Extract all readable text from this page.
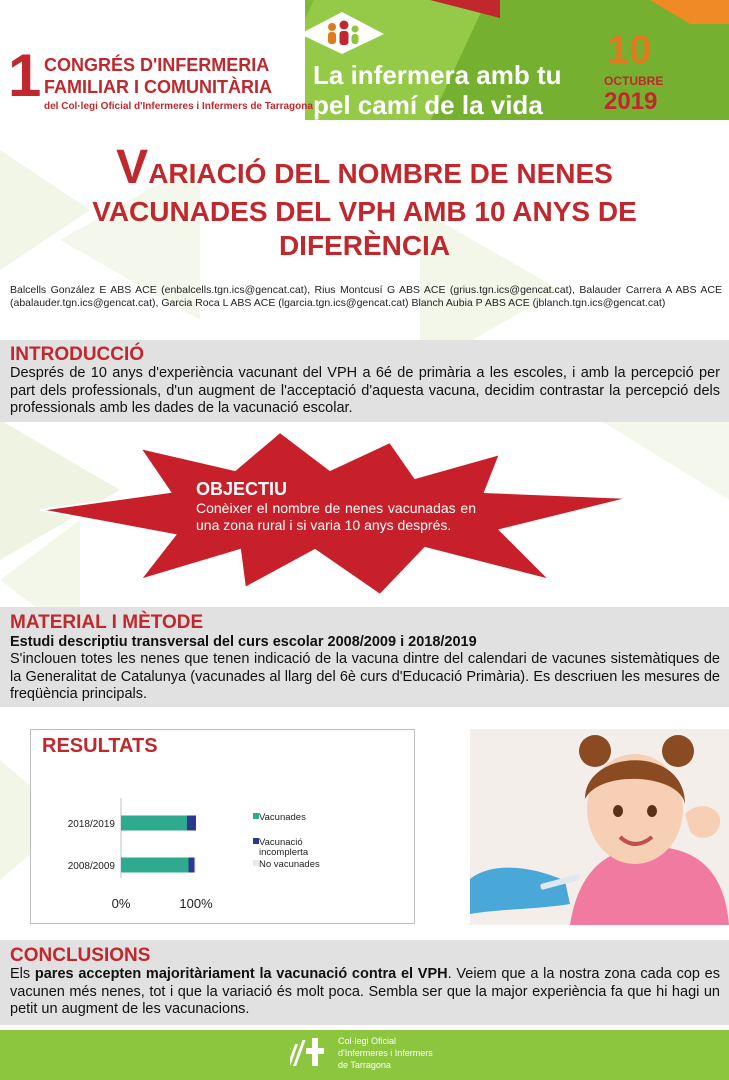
1 CONGRÉS D'INFERMERIA
FAMILIAR I COMUNITÀRIA
del Col·legi Oficial d'Infermeres i Infermers de Tarragona
La infermera amb tu
pel camí de la vida
10
OCTUBRE
2019
VARIACIÓ DEL NOMBRE DE NENES
VACUNADES DEL VPH AMB 10 ANYS DE
DIFERÈNCIA
Balcells González E ABS ACE (enbalcells.tgn.ics@gencat.cat), Rius Montcusí G ABS ACE (grius.tgn.ics@gencat.cat), Balauder Carrera A ABS ACE (abalauder.tgn.ics@gencat.cat), Garcia Roca L ABS ACE (lgarcia.tgn.ics@gencat.cat) Blanch Aubia P ABS ACE (jblanch.tgn.ics@gencat.cat)
INTRODUCCIÓ
Després de 10 anys d'experiència vacunant del VPH a 6é de primària a les escoles, i amb la percepció per part dels professionals, d'un augment de l'acceptació d'aquesta vacuna, decidim contrastar la percepció dels professionals amb les dades de la vacunació escolar.
OBJECTIU
Conèixer el nombre de nenes vacunadas en una zona rural i si varia 10 anys després.
MATERIAL I MÈTODE
Estudi descriptiu transversal del curs escolar 2008/2009 i 2018/2019
S'inclouen totes les nenes que tenen indicació de la vacuna dintre del calendari de vacunes sistemàtiques de la Generalitat de Catalunya (vacunades al llarg del 6è curs d'Educació Primària). Es descriuen les mesures de freqüència principals.
RESULTATS
2018/2019
2008/2009
0%	100%
Vacunades
Vacunació
incomplerta
No vacunades
CONCLUSIONS
Els pares accepten majoritàriament la vacunació contra el VPH. Veiem que a la nostra zona cada cop es vacunen més nenes, tot i que la variació és molt poca. Sembla ser que la major experiència fa que hi hagi un petit un augment de les vacunacions.
Col·legi Oficial
d'Infermeres i Infermers
de Tarragona
